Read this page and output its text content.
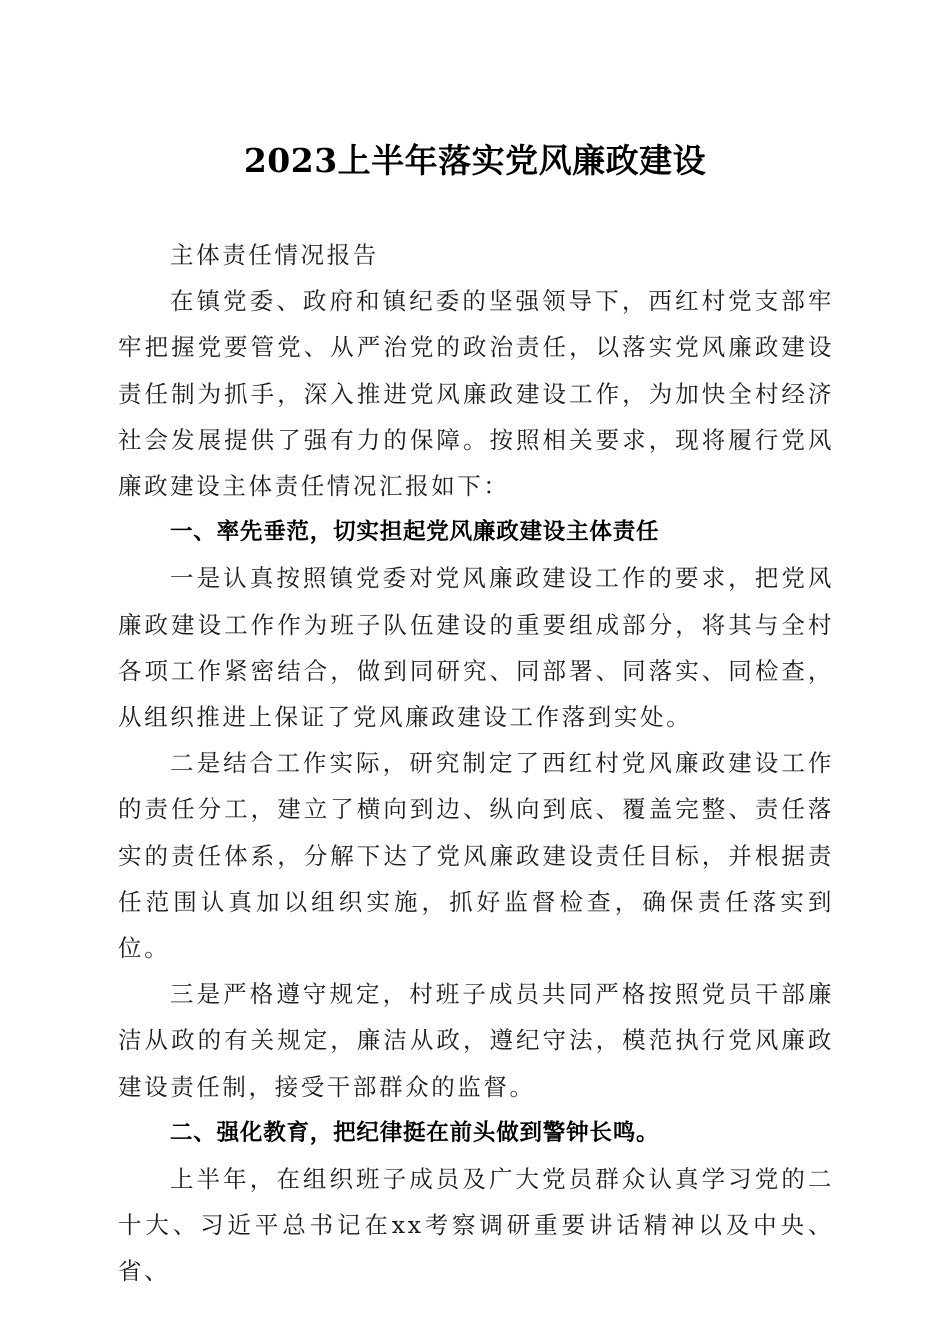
2023上半年落实党风廉政建设

主体责任情况报告

在镇党委、政府和镇纪委的坚强领导下，西红村党支部牢牢把握党要管党、从严治党的政治责任，以落实党风廉政建设责任制为抓手，深入推进党风廉政建设工作，为加快全村经济社会发展提供了强有力的保障。按照相关要求，现将履行党风廉政建设主体责任情况汇报如下：

一、率先垂范，切实担起党风廉政建设主体责任

一是认真按照镇党委对党风廉政建设工作的要求，把党风廉政建设工作作为班子队伍建设的重要组成部分，将其与全村各项工作紧密结合，做到同研究、同部署、同落实、同检查，从组织推进上保证了党风廉政建设工作落到实处。

二是结合工作实际，研究制定了西红村党风廉政建设工作的责任分工，建立了横向到边、纵向到底、覆盖完整、责任落实的责任体系，分解下达了党风廉政建设责任目标，并根据责任范围认真加以组织实施，抓好监督检查，确保责任落实到位。

三是严格遵守规定，村班子成员共同严格按照党员干部廉洁从政的有关规定，廉洁从政，遵纪守法，模范执行党风廉政建设责任制，接受干部群众的监督。

二、强化教育，把纪律挺在前头做到警钟长鸣。

上半年，在组织班子成员及广大党员群众认真学习党的二十大、习近平总书记在xx考察调研重要讲话精神以及中央、省、
